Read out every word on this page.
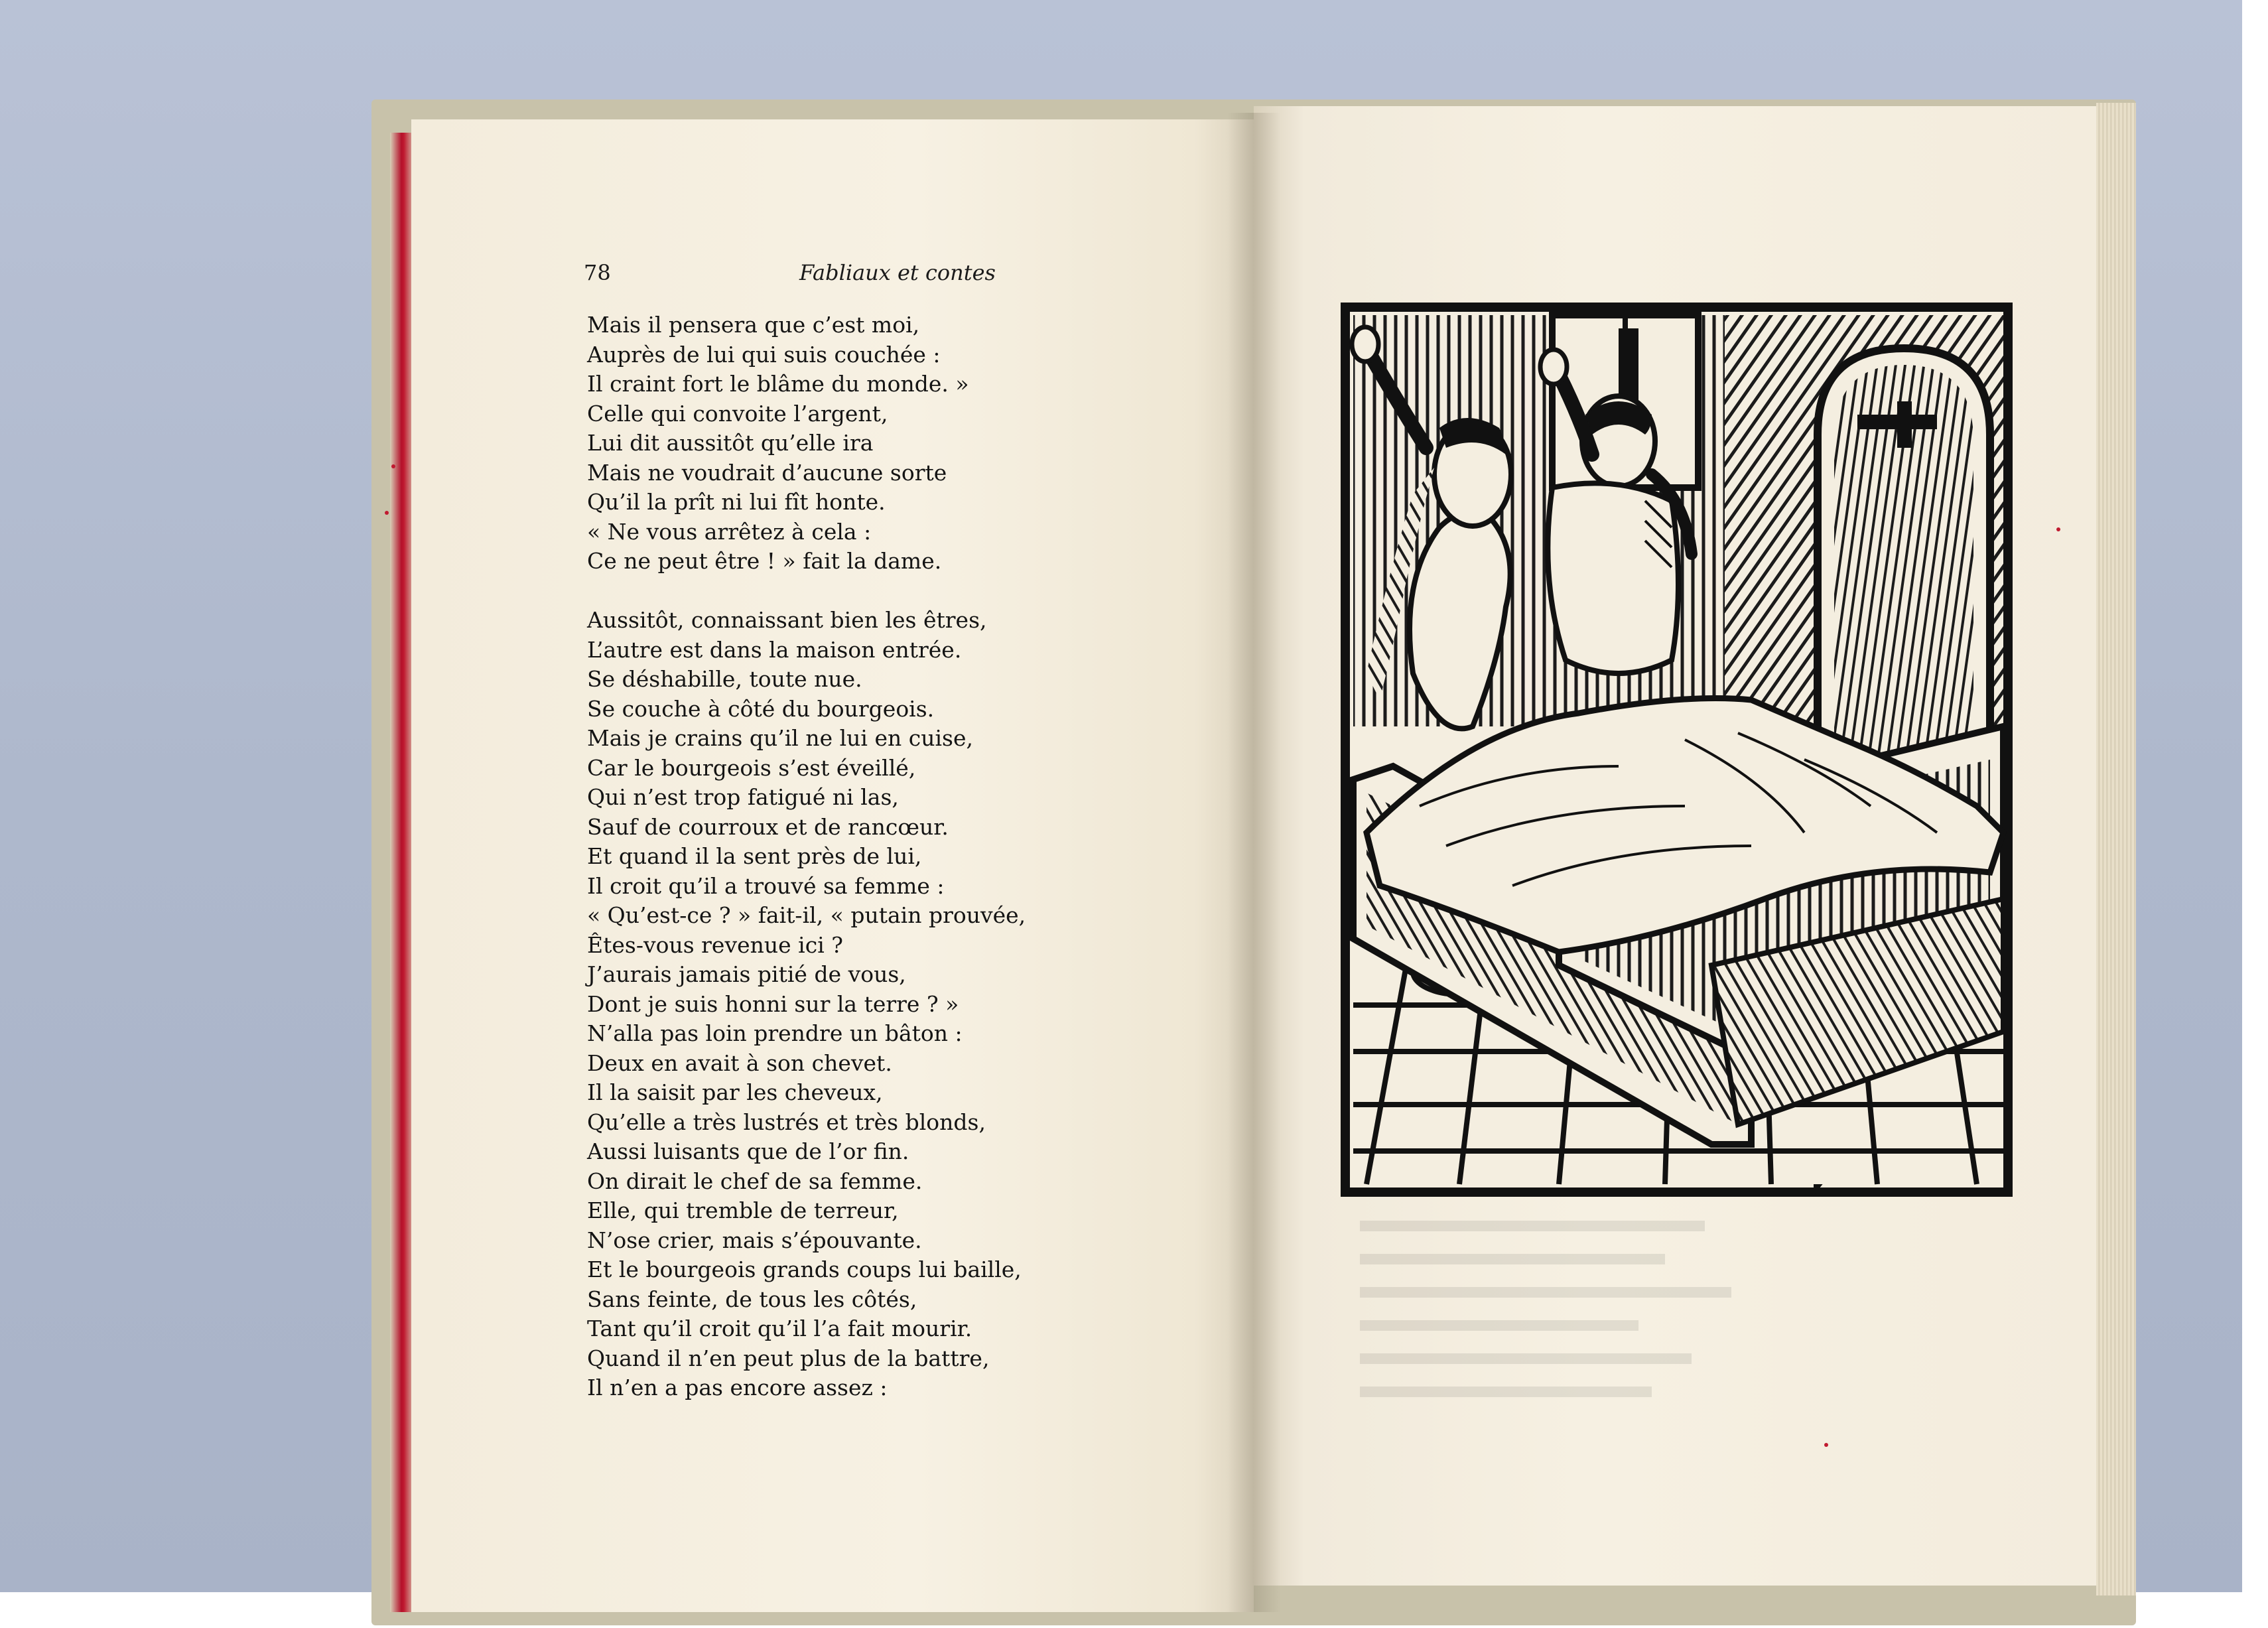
78	Fabliaux et contes
Mais il pensera que c’est moi,
Auprès de lui qui suis couchée :
Il craint fort le blâme du monde. »
Celle qui convoite l’argent,
Lui dit aussitôt qu’elle ira
Mais ne voudrait d’aucune sorte
Qu’il la prît ni lui fît honte.
« Ne vous arrêtez à cela :
Ce ne peut être ! » fait la dame.
Aussitôt, connaissant bien les êtres,
L’autre est dans la maison entrée.
Se déshabille, toute nue.
Se couche à côté du bourgeois.
Mais je crains qu’il ne lui en cuise,
Car le bourgeois s’est éveillé,
Qui n’est trop fatigué ni las,
Sauf de courroux et de rancœur.
Et quand il la sent près de lui,
Il croit qu’il a trouvé sa femme :
« Qu’est-ce ? » fait-il, « putain prouvée,
Êtes-vous revenue ici ?
J’aurais jamais pitié de vous,
Dont je suis honni sur la terre ? »
N’alla pas loin prendre un bâton :
Deux en avait à son chevet.
Il la saisit par les cheveux,
Qu’elle a très lustrés et très blonds,
Aussi luisants que de l’or fin.
On dirait le chef de sa femme.
Elle, qui tremble de terreur,
N’ose crier, mais s’épouvante.
Et le bourgeois grands coups lui baille,
Sans feinte, de tous les côtés,
Tant qu’il croit qu’il l’a fait mourir.
Quand il n’en peut plus de la battre,
Il n’en a pas encore assez :
